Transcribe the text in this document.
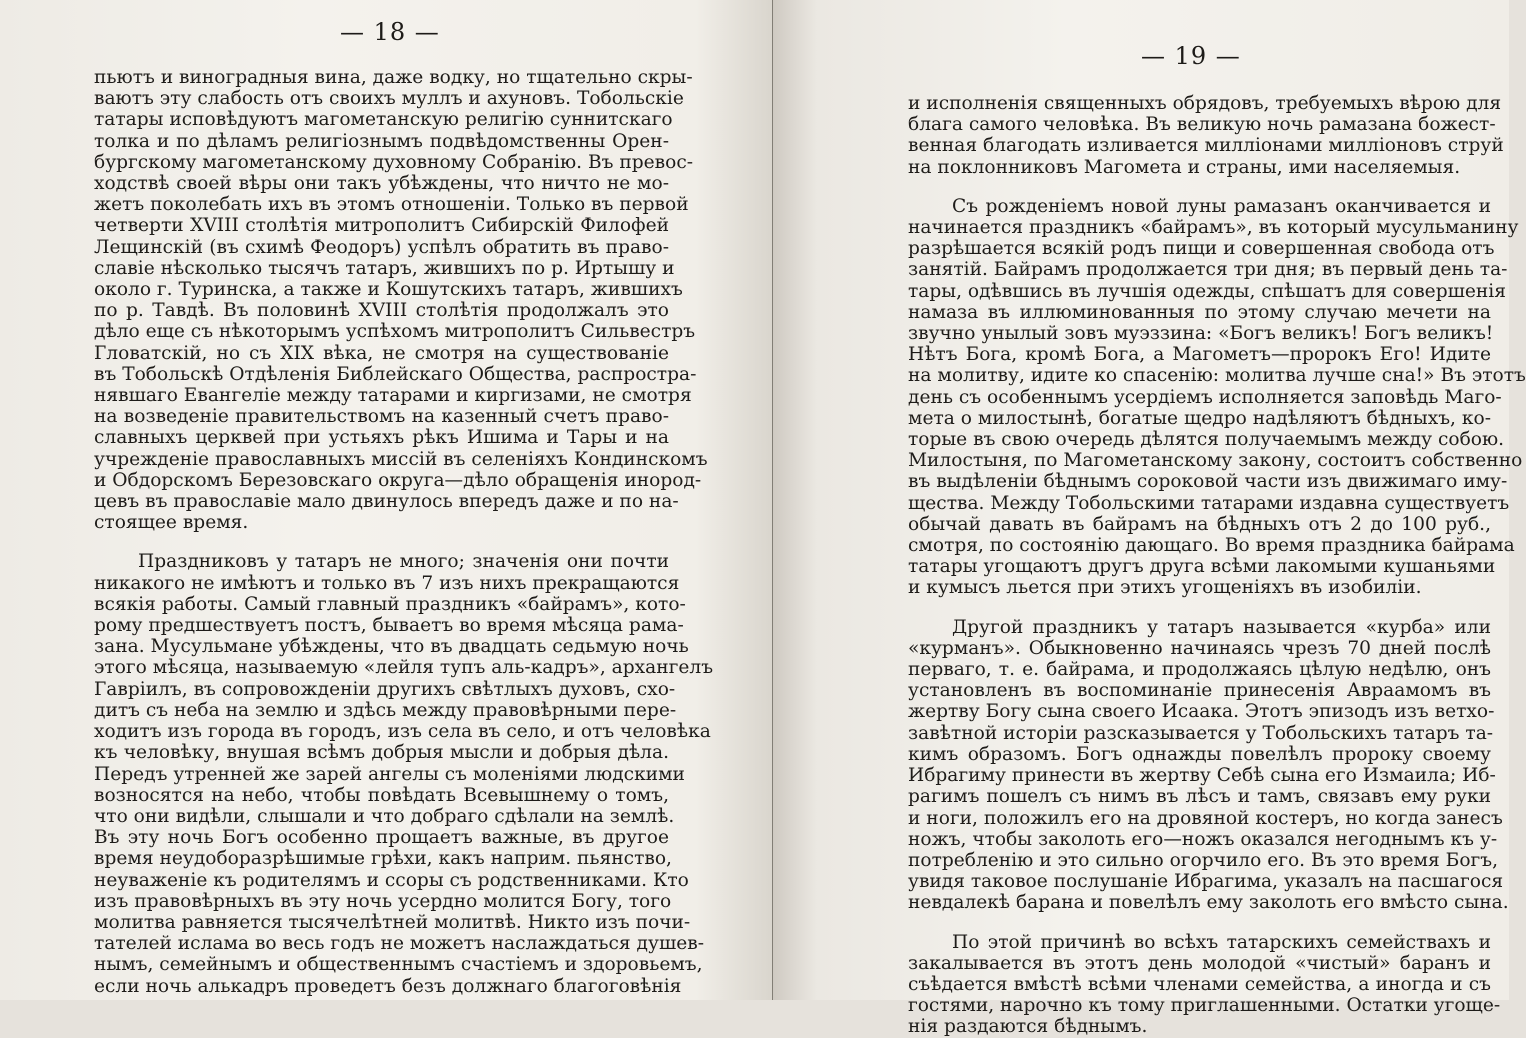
— 18 —
пьютъ и виноградныя вина, даже водку, но тщательно скры-
ваютъ эту слабость отъ своихъ муллъ и ахуновъ. Тобольскіе
татары исповѣдуютъ магометанскую религію суннитскаго
толка и по дѣламъ религіознымъ подвѣдомственны Орен-
бургскому магометанскому духовному Собранію. Въ превос-
ходствѣ своей вѣры они такъ убѣждены, что ничто не мо-
жетъ поколебать ихъ въ этомъ отношеніи. Только въ первой
четверти XVIII столѣтія митрополитъ Сибирскій Филофей
Лещинскій (въ схимѣ Феодоръ) успѣлъ обратить въ право-
славіе нѣсколько тысячъ татаръ, жившихъ по р. Иртышу и
около г. Туринска, а также и Кошутскихъ татаръ, жившихъ
по р. Тавдѣ. Въ половинѣ XVIII столѣтія продолжалъ это
дѣло еще съ нѣкоторымъ успѣхомъ митрополитъ Сильвестръ
Гловатскій, но съ XIX вѣка, не смотря на существованіе
въ Тобольскѣ Отдѣленія Библейскаго Общества, распростра-
нявшаго Евангеліе между татарами и киргизами, не смотря
на возведеніе правительствомъ на казенный счетъ право-
славныхъ церквей при устьяхъ рѣкъ Ишима и Тары и на
учрежденіе православныхъ миссій въ селеніяхъ Кондинскомъ
и Обдорскомъ Березовскаго округа—дѣло обращенія инород-
цевъ въ православіе мало двинулось впередъ даже и по на-
стоящее время.
Праздниковъ у татаръ не много; значенія они почти
никакого не имѣютъ и только въ 7 изъ нихъ прекращаются
всякія работы. Самый главный праздникъ «байрамъ», кото-
рому предшествуетъ постъ, бываетъ во время мѣсяца рама-
зана. Мусульмане убѣждены, что въ двадцать седьмую ночь
этого мѣсяца, называемую «лейля тупъ аль-кадръ», архангелъ
Гавріилъ, въ сопровожденіи другихъ свѣтлыхъ духовъ, схо-
дитъ съ неба на землю и здѣсь между правовѣрными пере-
ходитъ изъ города въ городъ, изъ села въ село, и отъ человѣка
къ человѣку, внушая всѣмъ добрыя мысли и добрыя дѣла.
Передъ утренней же зарей ангелы съ моленіями людскими
возносятся на небо, чтобы повѣдать Всевышнему о томъ,
что они видѣли, слышали и что добраго сдѣлали на землѣ.
Въ эту ночь Богъ особенно прощаетъ важные, въ другое
время неудоборазрѣшимые грѣхи, какъ наприм. пьянство,
неуваженіе къ родителямъ и ссоры съ родственниками. Кто
изъ правовѣрныхъ въ эту ночь усердно молится Богу, того
молитва равняется тысячелѣтней молитвѣ. Никто изъ почи-
тателей ислама во весь годъ не можетъ наслаждаться душев-
нымъ, семейнымъ и общественнымъ счастіемъ и здоровьемъ,
если ночь алькадръ проведетъ безъ должнаго благоговѣнія
— 19 —
и исполненія священныхъ обрядовъ, требуемыхъ вѣрою для
блага самого человѣка. Въ великую ночь рамазана божест-
венная благодать изливается милліонами милліоновъ струй
на поклонниковъ Магомета и страны, ими населяемыя.
Съ рожденіемъ новой луны рамазанъ оканчивается и
начинается праздникъ «байрамъ», въ который мусульманину
разрѣшается всякій родъ пищи и совершенная свобода отъ
занятій. Байрамъ продолжается три дня; въ первый день та-
тары, одѣвшись въ лучшія одежды, спѣшатъ для совершенія
намаза въ иллюминованныя по этому случаю мечети на
звучно унылый зовъ муэззина: «Богъ великъ! Богъ великъ!
Нѣтъ Бога, кромѣ Бога, а Магометъ—пророкъ Его! Идите
на молитву, идите ко спасенію: молитва лучше сна!» Въ этотъ
день съ особеннымъ усердіемъ исполняется заповѣдь Маго-
мета о милостынѣ, богатые щедро надѣляютъ бѣдныхъ, ко-
торые въ свою очередь дѣлятся получаемымъ между собою.
Милостыня, по Магометанскому закону, состоитъ собственно
въ выдѣленіи бѣднымъ сороковой части изъ движимаго иму-
щества. Между Тобольскими татарами издавна существуетъ
обычай давать въ байрамъ на бѣдныхъ отъ 2 до 100 руб.,
смотря, по состоянію дающаго. Во время праздника байрама
татары угощаютъ другъ друга всѣми лакомыми кушаньями
и кумысъ льется при этихъ угощеніяхъ въ изобиліи.
Другой праздникъ у татаръ называется «курба» или
«курманъ». Обыкновенно начинаясь чрезъ 70 дней послѣ
перваго, т. е. байрама, и продолжаясь цѣлую недѣлю, онъ
установленъ въ воспоминаніе принесенія Авраамомъ въ
жертву Богу сына своего Исаака. Этотъ эпизодъ изъ ветхо-
завѣтной исторіи разсказывается у Тобольскихъ татаръ та-
кимъ образомъ. Богъ однажды повелѣлъ пророку своему
Ибрагиму принести въ жертву Себѣ сына его Измаила; Иб-
рагимъ пошелъ съ нимъ въ лѣсъ и тамъ, связавъ ему руки
и ноги, положилъ его на дровяной костеръ, но когда занесъ
ножъ, чтобы заколоть его—ножъ оказался негоднымъ къ у-
потребленію и это сильно огорчило его. Въ это время Богъ,
увидя таковое послушаніе Ибрагима, указалъ на пасшагося
невдалекѣ барана и повелѣлъ ему заколоть его вмѣсто сына.
По этой причинѣ во всѣхъ татарскихъ семействахъ и
закалывается въ этотъ день молодой «чистый» баранъ и
съѣдается вмѣстѣ всѣми членами семейства, а иногда и съ
гостями, нарочно къ тому приглашенными. Остатки угоще-
нія раздаются бѣднымъ.
